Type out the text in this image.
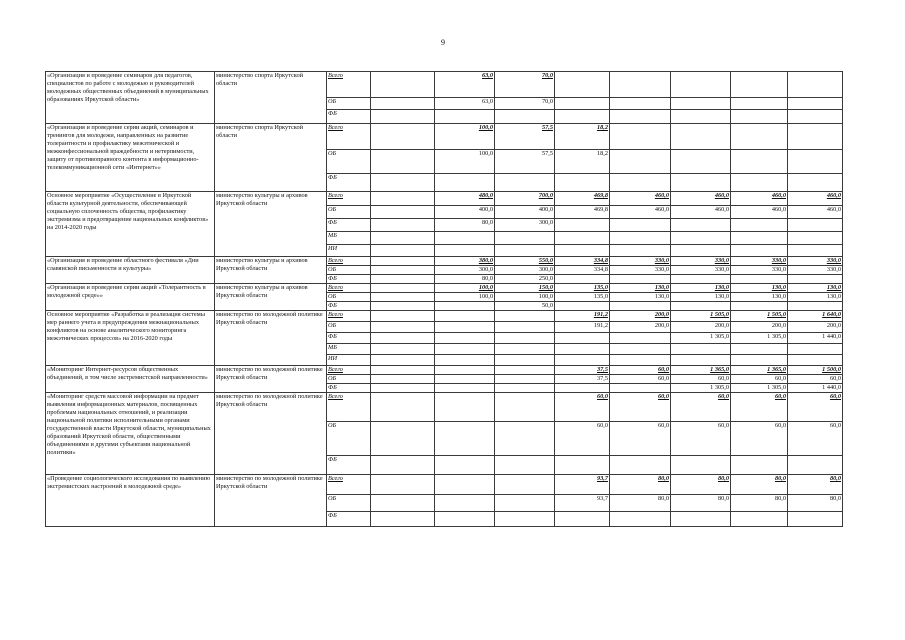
9
«Организация и проведение семинаров для педагогов, специалистов по работе с молодежью и руководителей молодежных общественных объединений в муниципальных образованиях Иркутской области»	министерство спорта Иркутской области	Всего		63,0	70,0					
		ОБ		63,0	70,0					
		ФБ								
«Организация и проведение серии акций, семинаров и тренингов для молодежи, направленных на развитие толерантности и профилактику межэтнической и межконфессиональной враждебности и нетерпимости, защиту от противоправного контента в информационно-телекоммуникационной сети «Интернет»»	министерство спорта Иркутской области	Всего		100,0	57,5	18,2				
		ОБ		100,0	57,5	18,2				
		ФБ								
Основное мероприятие «Осуществление в Иркутской области культурной деятельности, обеспечивающей социальную сплоченность общества, профилактику экстремизма и предотвращение национальных конфликтов» на 2014-2020 годы	министерство культуры и архивов Иркутской области	Всего		480,0	700,0	469,8	460,0	460,0	460,0	460,0
		ОБ		400,0	400,0	469,8	460,0	460,0	460,0	460,0
		ФБ		80,0	300,0					
		МБ								
		ИИ								
«Организация и проведение областного фестиваля «Дни славянской письменности и культуры»	министерство культуры и архивов Иркутской области	Всего		380,0	550,0	334,8	330,0	330,0	330,0	330,0
		ОБ		300,0	300,0	334,8	330,0	330,0	330,0	330,0
		ФБ		80,0	250,0					
«Организация и проведение серии акций «Толерантность в молодежной среде»»	министерство культуры и архивов Иркутской области	Всего		100,0	150,0	135,0	130,0	130,0	130,0	130,0
		ОБ		100,0	100,0	135,0	130,0	130,0	130,0	130,0
		ФБ			50,0					
Основное мероприятие «Разработка и реализация системы мер раннего учета и предупреждения межнациональных конфликтов на основе аналитического мониторинга межэтнических процессов» на 2016-2020 годы	министерство по молодежной политике Иркутской области	Всего				191,2	200,0	1 505,0	1 505,0	1 640,0
		ОБ				191,2	200,0	200,0	200,0	200,0
		ФБ						1 305,0	1 305,0	1 440,0
		МБ								
		ИИ								
«Мониторинг Интернет-ресурсов общественных объединений, в том числе экстремистской направленности»	министерство по молодежной политике Иркутской области	Всего				37,5	60,0	1 365,0	1 365,0	1 500,0
		ОБ				37,5	60,0	60,0	60,0	60,0
		ФБ						1 305,0	1 305,0	1 440,0
«Мониторинг средств массовой информации на предмет выявления информационных материалов, посвященных проблемам национальных отношений, и реализации национальной политики исполнительными органами государственной власти Иркутской области, муниципальных образований Иркутской области, общественными объединениями и другими субъектами национальной политики»	министерство по молодежной политике Иркутской области	Всего				60,0	60,0	60,0	60,0	60,0
		ОБ				60,0	60,0	60,0	60,0	60,0
		ФБ								
«Проведение социологического исследования по выявлению экстремистских настроений в молодежной среде»	министерство по молодежной политике Иркутской области	Всего				93,7	80,0	80,0	80,0	80,0
		ОБ				93,7	80,0	80,0	80,0	80,0
		ФБ								
